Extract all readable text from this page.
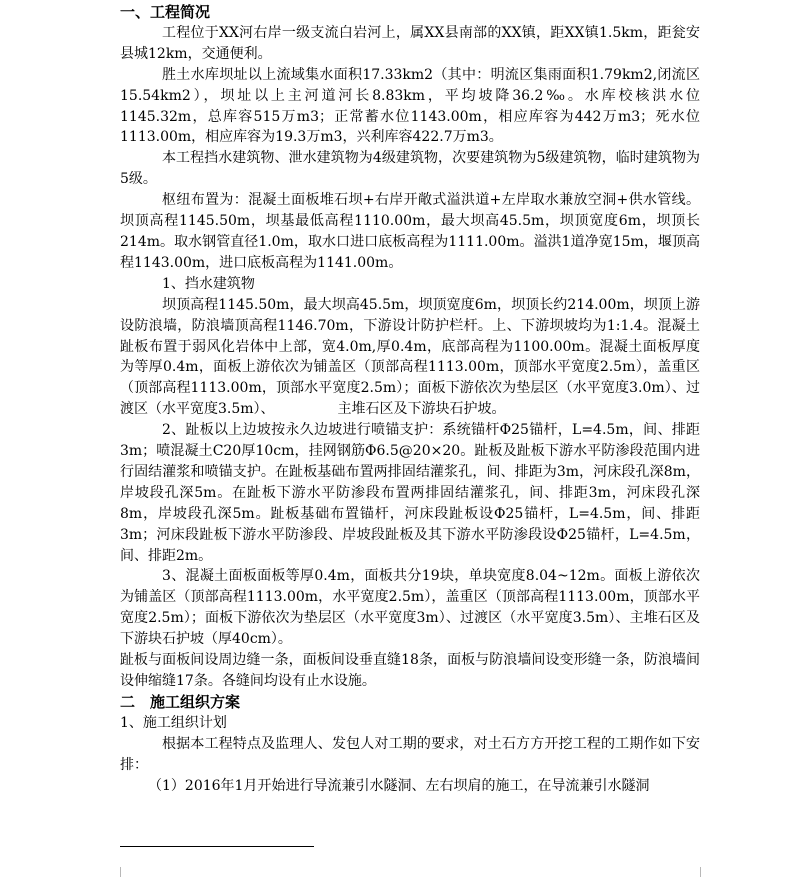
一、工程简况

工程位于XX河右岸一级支流白岩河上，属XX县南部的XX镇，距XX镇1.5km，距瓮安县城12km，交通便利。

胜土水库坝址以上流域集水面积17.33km2（其中：明流区集雨面积1.79km2,闭流区15.54km2），坝址以上主河道河长8.83km，平均坡降36.2‰。水库校核洪水位1145.32m，总库容515万m3；正常蓄水位1143.00m，相应库容为442万m3；死水位1113.00m，相应库容为19.3万m3，兴利库容422.7万m3。

本工程挡水建筑物、泄水建筑物为4级建筑物，次要建筑物为5级建筑物，临时建筑物为5级。

枢纽布置为：混凝土面板堆石坝+右岸开敞式溢洪道+左岸取水兼放空洞+供水管线。坝顶高程1145.50m，坝基最低高程1110.00m，最大坝高45.5m，坝顶宽度6m，坝顶长214m。取水钢管直径1.0m，取水口进口底板高程为1111.00m。溢洪1道净宽15m，堰顶高程1143.00m，进口底板高程为1141.00m。

1、挡水建筑物

坝顶高程1145.50m，最大坝高45.5m，坝顶宽度6m，坝顶长约214.00m，坝顶上游设防浪墙，防浪墙顶高程1146.70m，下游设计防护栏杆。上、下游坝坡均为1:1.4。混凝土趾板布置于弱风化岩体中上部，宽4.0m,厚0.4m，底部高程为1100.00m。混凝土面板厚度为等厚0.4m，面板上游依次为铺盖区（顶部高程1113.00m，顶部水平宽度2.5m），盖重区（顶部高程1113.00m，顶部水平宽度2.5m）；面板下游依次为垫层区（水平宽度3.0m）、过渡区（水平宽度3.5m）、　　　　　主堆石区及下游块石护坡。

2、趾板以上边坡按永久边坡进行喷锚支护：系统锚杆Φ25锚杆，L=4.5m，间、排距3m；喷混凝土C20厚10cm，挂网钢筋Φ6.5@20×20。趾板及趾板下游水平防渗段范围内进行固结灌浆和喷锚支护。在趾板基础布置两排固结灌浆孔，间、排距为3m，河床段孔深8m，岸坡段孔深5m。在趾板下游水平防渗段布置两排固结灌浆孔，间、排距3m，河床段孔深8m，岸坡段孔深5m。趾板基础布置锚杆，河床段趾板设Φ25锚杆，L=4.5m，间、排距3m；河床段趾板下游水平防渗段、岸坡段趾板及其下游水平防渗段设Φ25锚杆，L=4.5m，间、排距2m。

3、混凝土面板面板等厚0.4m，面板共分19块，单块宽度8.04~12m。面板上游依次为铺盖区（顶部高程1113.00m，水平宽度2.5m），盖重区（顶部高程1113.00m，顶部水平宽度2.5m）；面板下游依次为垫层区（水平宽度3m）、过渡区（水平宽度3.5m）、主堆石区及下游块石护坡（厚40cm）。

趾板与面板间设周边缝一条，面板间设垂直缝18条，面板与防浪墙间设变形缝一条，防浪墙间设伸缩缝17条。各缝间均设有止水设施。

二　施工组织方案

1、施工组织计划

根据本工程特点及监理人、发包人对工期的要求，对土石方方开挖工程的工期作如下安排：

（1）2016年1月开始进行导流兼引水隧洞、左右坝肩的施工，在导流兼引水隧洞
